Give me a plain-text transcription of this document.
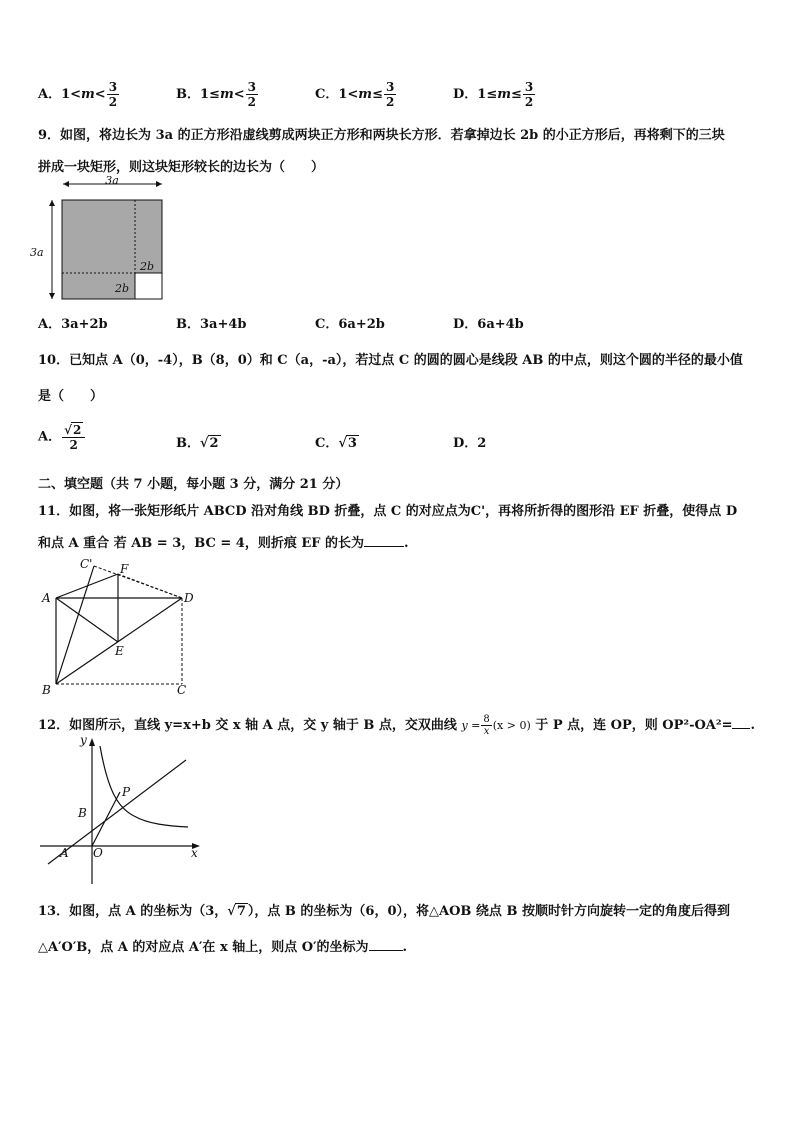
A．$1<m< \frac{3}{2}$	B．$1\le m< \frac{3}{2}$	C．$1<m\le \frac{3}{2}$	D．$1\le m\le \frac{3}{2}$
9．如图，将边长为 3a 的正方形沿虚线剪成两块正方形和两块长方形．若拿掉边长 2b 的小正方形后，再将剩下的三块
拼成一块矩形，则这块矩形较长的边长为（　　）
3a
3a
2b
2b
A．3a+2b	B．3a+4b	C．6a+2b	D．6a+4b
10．已知点 A（0，-4），B（8，0）和 C（a，-a），若过点 C 的圆的圆心是线段 AB 的中点，则这个圆的半径的最小值
是（　　）
A． $\frac{√2}{2}$	B．√2	C．√3	D．2
二、填空题（共 7 小题，每小题 3 分，满分 21 分）
11．如图，将一张矩形纸片 ABCD 沿对角线 BD 折叠，点 C 的对应点为C'，再将所折得的图形沿 EF 折叠，使得点 D
和点 A 重合 若 AB = 3，BC = 4，则折痕 EF 的长为	.
C' F
A	D
E
B	C
12．如图所示，直线 y=x+b 交 x 轴 A 点，交 y 轴于 B 点，交双曲线 $y = \frac{8}{x} (x > 0)$ 于 P 点，连 OP，则 OP²-OA²= .
y
P
B
A O	x
13．如图，点 A 的坐标为（3，√7 ），点 B 的坐标为（6，0），将△AOB 绕点 B 按顺时针方向旋转一定的角度后得到
△A′O′B，点 A 的对应点 A′在 x 轴上，则点 O′的坐标为	.
